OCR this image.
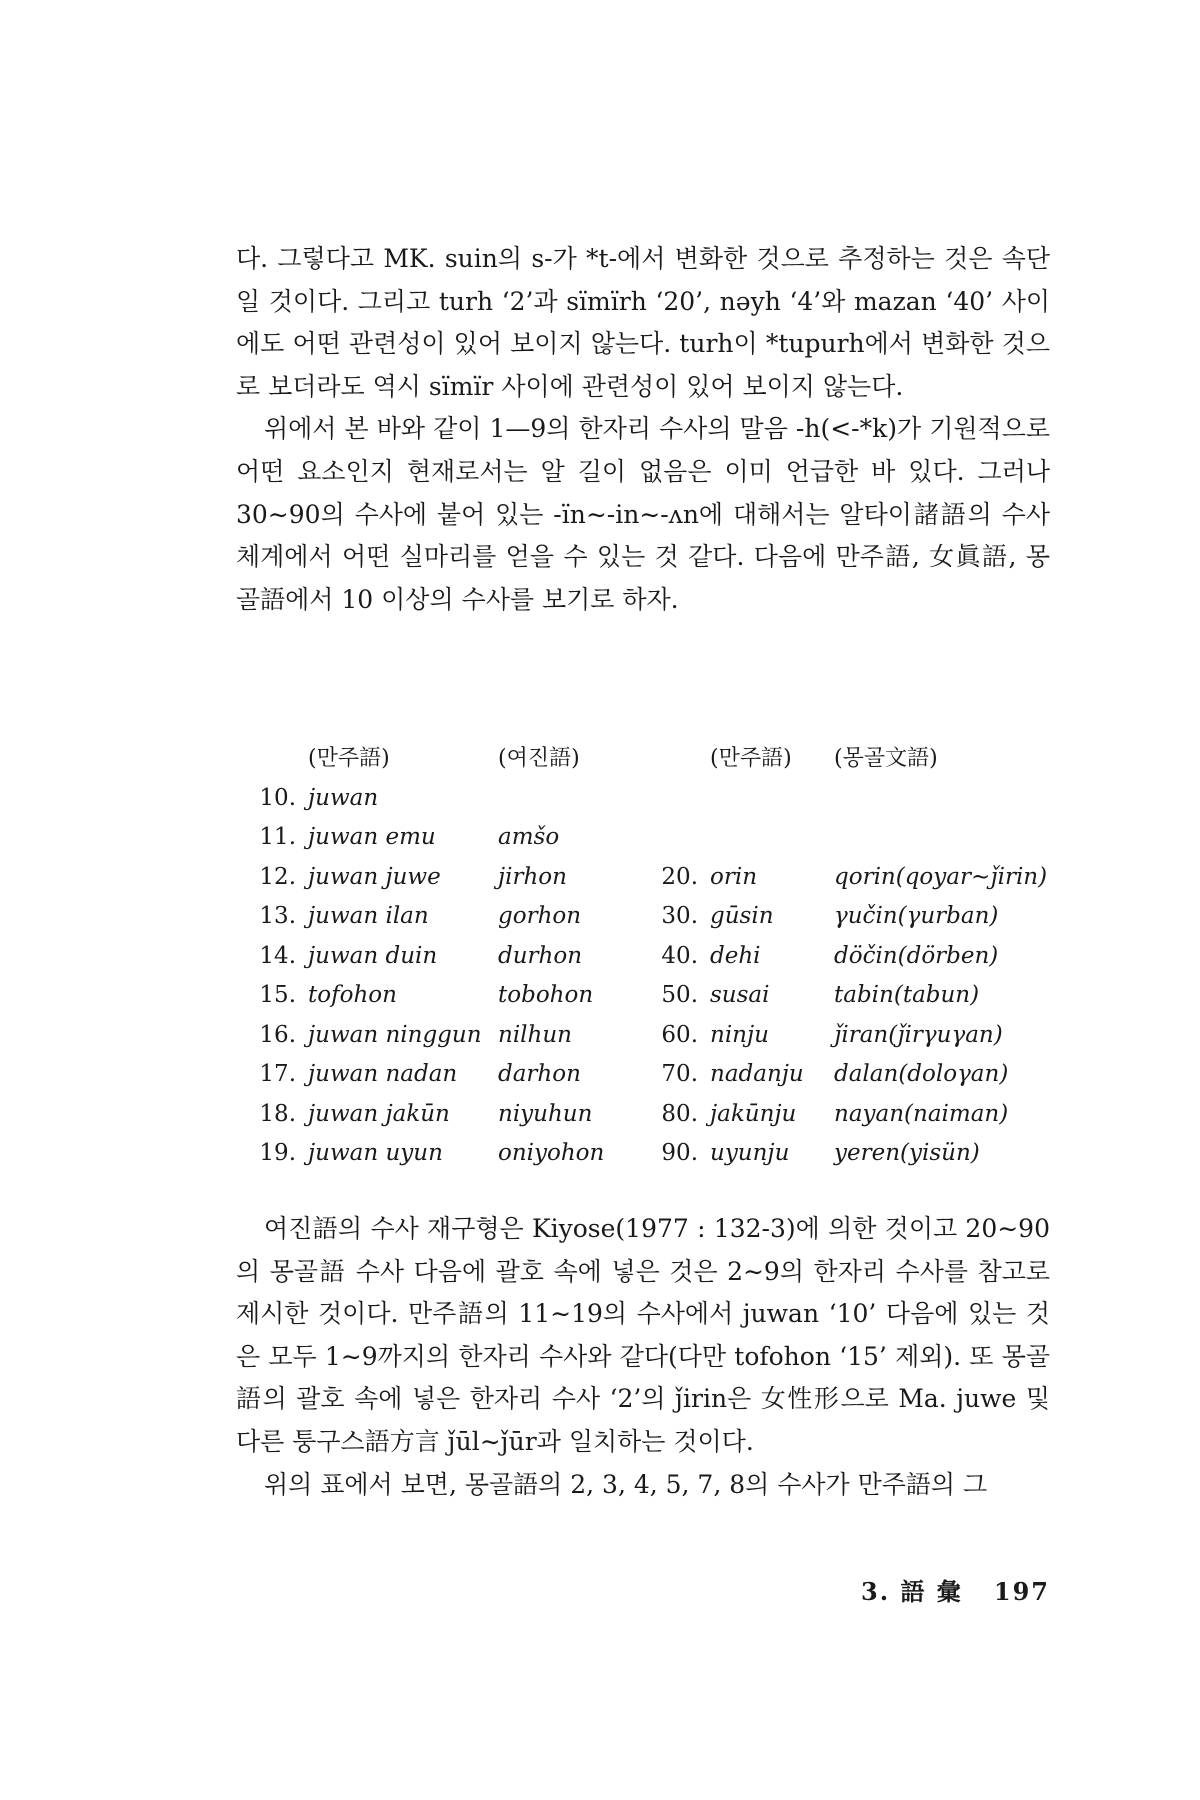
다. 그렇다고 MK. suin의 s-가 *t-에서 변화한 것으로 추정하는 것은 속단일 것이다. 그리고 turh ‘2’과 sïmïrh ‘20’, nəyh ‘4’와 mazan ‘40’ 사이에도 어떤 관련성이 있어 보이지 않는다. turh이 *tupurh에서 변화한 것으로 보더라도 역시 sïmïr 사이에 관련성이 있어 보이지 않는다.

위에서 본 바와 같이 1—9의 한자리 수사의 말음 -h(<-*k)가 기원적으로 어떤 요소인지 현재로서는 알 길이 없음은 이미 언급한 바 있다. 그러나 30∼90의 수사에 붙어 있는 -ïn∼-in∼-ʌn에 대해서는 알타이諸語의 수사 체계에서 어떤 실마리를 얻을 수 있는 것 같다. 다음에 만주語, 女眞語, 몽골語에서 10 이상의 수사를 보기로 하자.

	(만주語)	(여진語)		(만주語)	(몽골文語)
10.	juwan				
11.	juwan emu	amšo			
12.	juwan juwe	jirhon	20.	orin	qorin(qoyar∼ǰirin)
13.	juwan ilan	gorhon	30.	gūsin	γučin(γurban)
14.	juwan duin	durhon	40.	dehi	döčin(dörben)
15.	tofohon	tobohon	50.	susai	tabin(tabun)
16.	juwan ninggun	nilhun	60.	ninju	ǰiran(ǰirγuγan)
17.	juwan nadan	darhon	70.	nadanju	dalan(doloγan)
18.	juwan jakūn	niyuhun	80.	jakūnju	nayan(naiman)
19.	juwan uyun	oniyohon	90.	uyunju	yeren(yisün)

여진語의 수사 재구형은 Kiyose(1977 : 132-3)에 의한 것이고 20∼90의 몽골語 수사 다음에 괄호 속에 넣은 것은 2∼9의 한자리 수사를 참고로 제시한 것이다. 만주語의 11∼19의 수사에서 juwan ‘10’ 다음에 있는 것은 모두 1∼9까지의 한자리 수사와 같다(다만 tofohon ‘15’ 제외). 또 몽골語의 괄호 속에 넣은 한자리 수사 ‘2’의 ǰirin은 女性形으로 Ma. juwe 및 다른 퉁구스語方言 ǰūl∼ǰūr과 일치하는 것이다.

위의 표에서 보면, 몽골語의 2, 3, 4, 5, 7, 8의 수사가 만주語의 그

3. 語 彙 197
